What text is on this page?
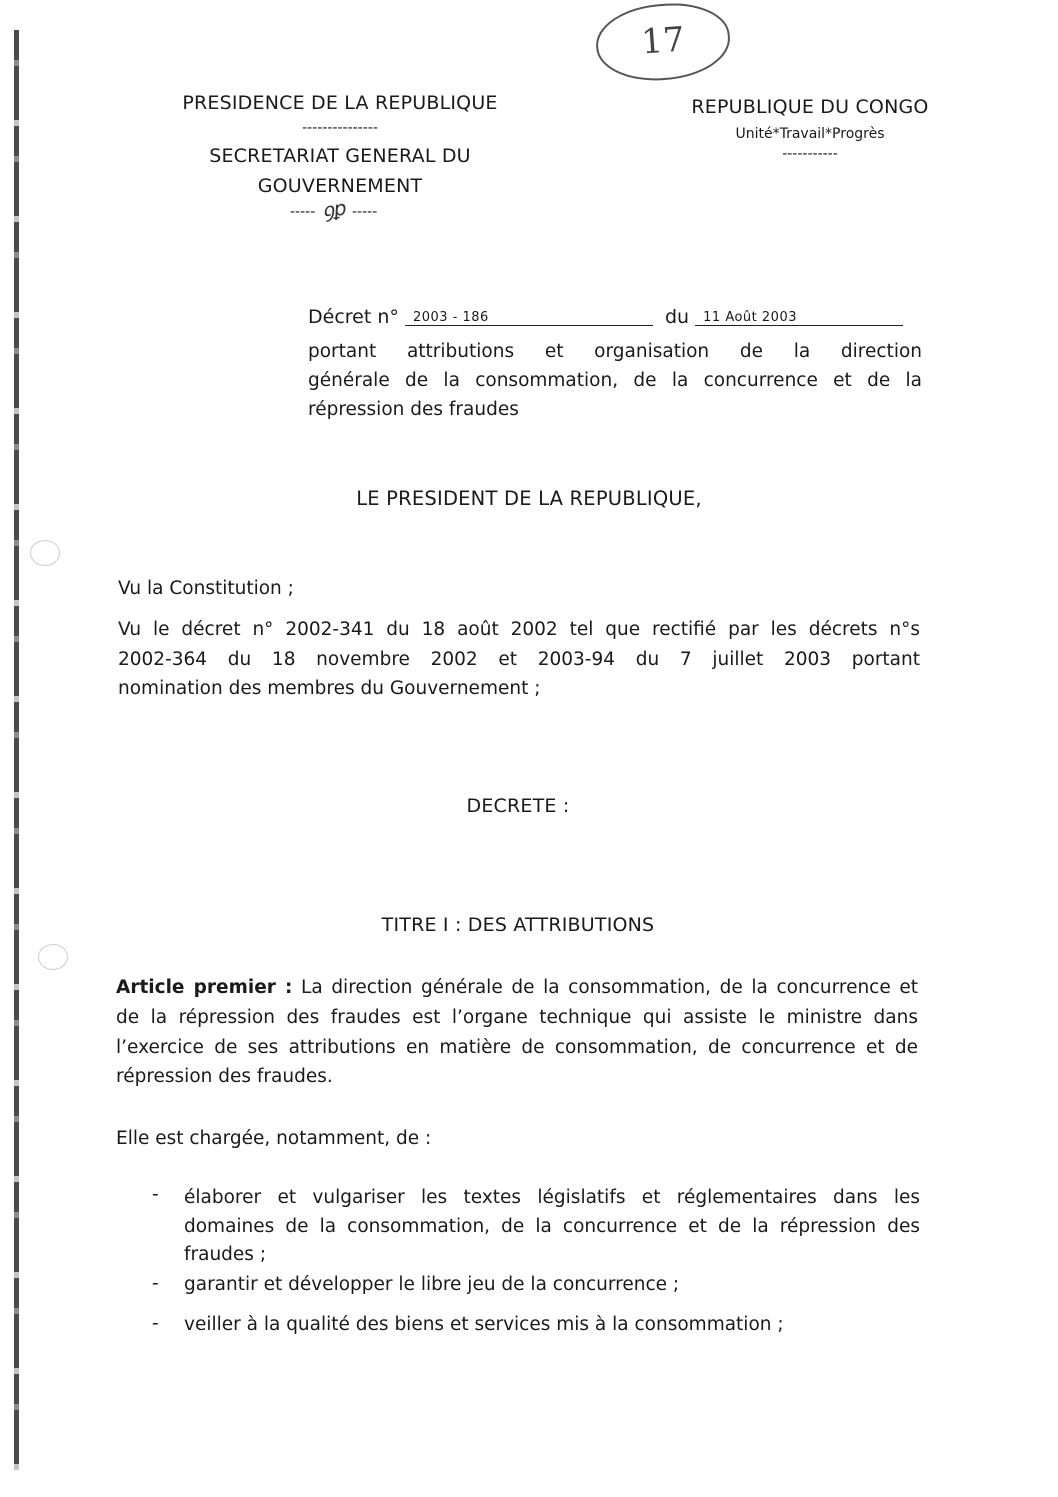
17
PRESIDENCE DE LA REPUBLIQUE
---------------
SECRETARIAT GENERAL DU
GOUVERNEMENT
----- ꝯꝑ -----
REPUBLIQUE DU CONGO
Unité*Travail*Progrès
-----------
Décret n° 2003 - 186	du 11 Août 2003
portant attributions et organisation de la direction
générale de la consommation, de la concurrence et de la
répression des fraudes
LE PRESIDENT DE LA REPUBLIQUE,
Vu la Constitution ;
Vu le décret n° 2002-341 du 18 août 2002 tel que rectifié par les décrets n°s
2002-364 du 18 novembre 2002 et 2003-94 du 7 juillet 2003 portant
nomination des membres du Gouvernement ;
DECRETE :
TITRE I : DES ATTRIBUTIONS
Article premier : La direction générale de la consommation, de la concurrence et
de la répression des fraudes est l’organe technique qui assiste le ministre dans
l’exercice de ses attributions en matière de consommation, de concurrence et de
répression des fraudes.
Elle est chargée, notamment, de :
- élaborer et vulgariser les textes législatifs et réglementaires dans les
domaines de la consommation, de la concurrence et de la répression des
fraudes ;
- garantir et développer le libre jeu de la concurrence ;
- veiller à la qualité des biens et services mis à la consommation ;
